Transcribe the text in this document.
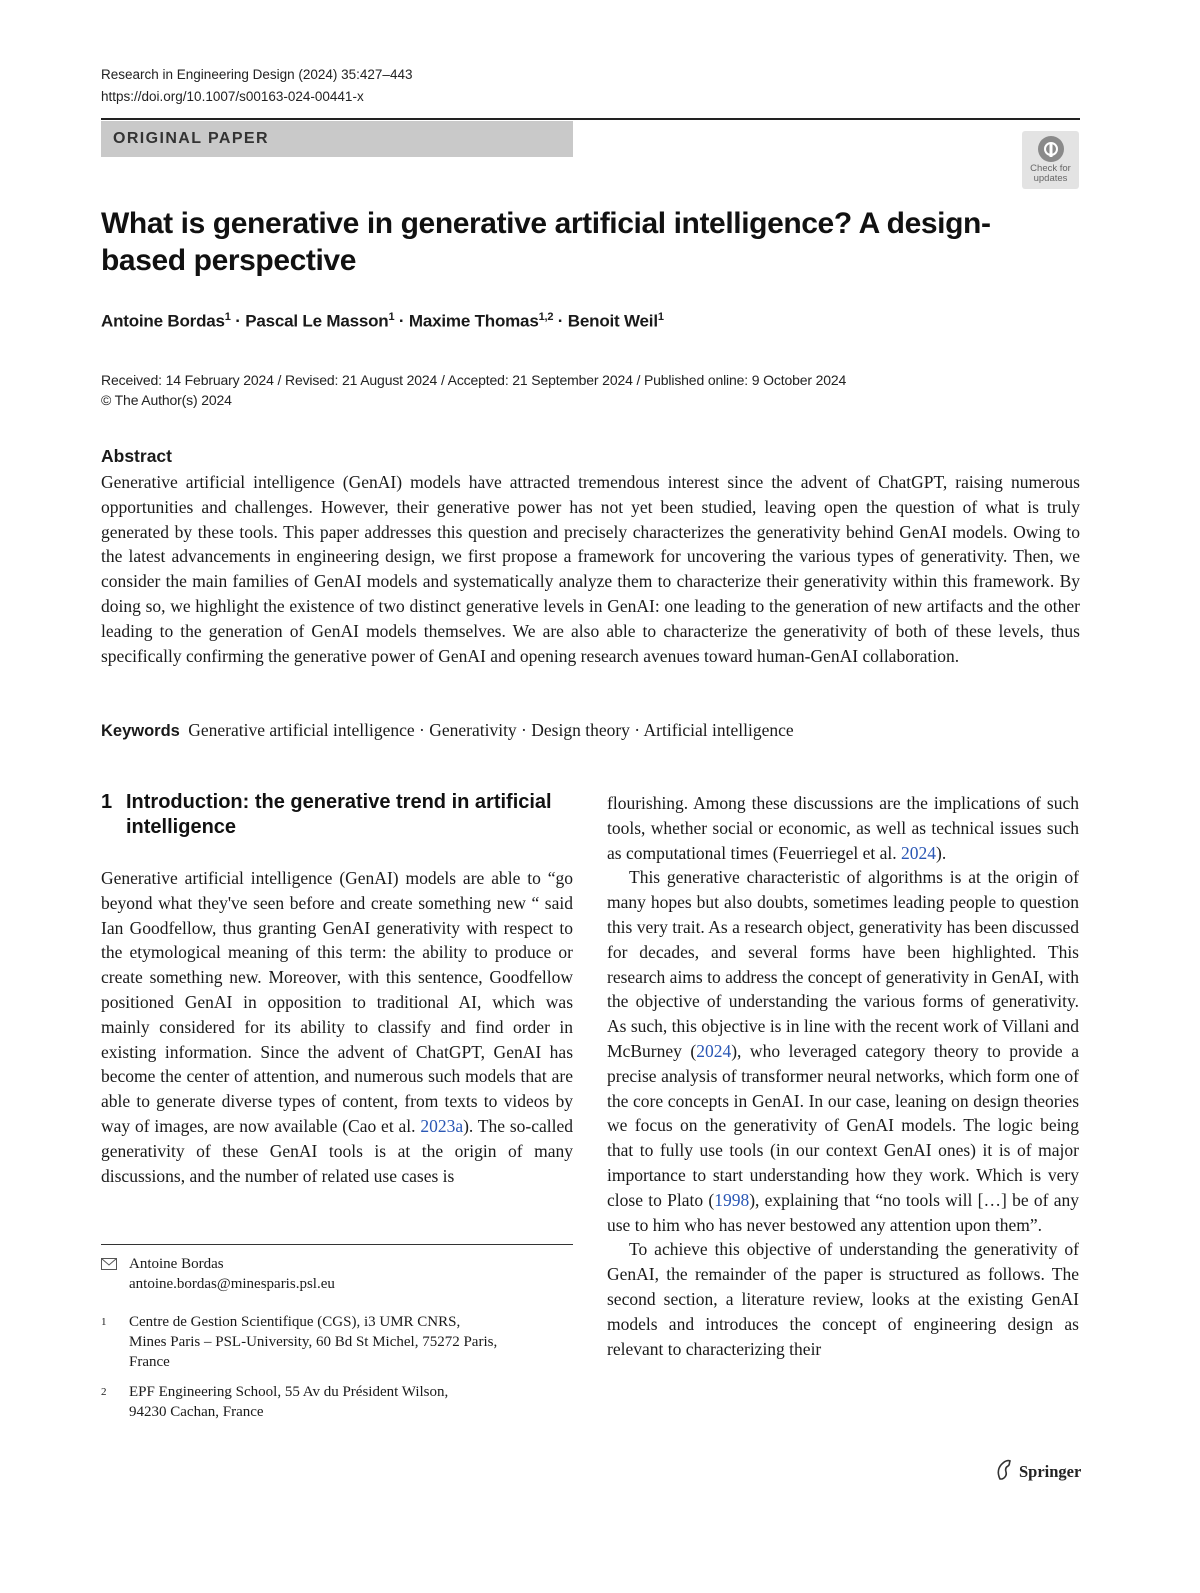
Research in Engineering Design (2024) 35:427–443
https://doi.org/10.1007/s00163-024-00441-x
ORIGINAL PAPER
Check for
updates
What is generative in generative artificial intelligence? A design-based perspective
Antoine Bordas$^1$ · Pascal Le Masson$^1$ · Maxime Thomas$^{1,2}$ · Benoit Weil$^1$
Received: 14 February 2024 / Revised: 21 August 2024 / Accepted: 21 September 2024 / Published online: 9 October 2024
© The Author(s) 2024
Abstract
Generative artificial intelligence (GenAI) models have attracted tremendous interest since the advent of ChatGPT, raising numerous opportunities and challenges. However, their generative power has not yet been studied, leaving open the question of what is truly generated by these tools. This paper addresses this question and precisely characterizes the generativity behind GenAI models. Owing to the latest advancements in engineering design, we first propose a framework for uncovering the various types of generativity. Then, we consider the main families of GenAI models and systematically analyze them to characterize their generativity within this framework. By doing so, we highlight the existence of two distinct generative levels in GenAI: one leading to the generation of new artifacts and the other leading to the generation of GenAI models themselves. We are also able to characterize the generativity of both of these levels, thus specifically confirming the generative power of GenAI and opening research avenues toward human-GenAI collaboration.
Keywords Generative artificial intelligence · Generativity · Design theory · Artificial intelligence
1 Introduction: the generative trend in artificial intelligence

Generative artificial intelligence (GenAI) models are able to “go beyond what they've seen before and create something new “ said Ian Goodfellow, thus granting GenAI generativity with respect to the etymological meaning of this term: the ability to produce or create something new. Moreover, with this sentence, Goodfellow positioned GenAI in opposition to traditional AI, which was mainly considered for its ability to classify and find order in existing information. Since the advent of ChatGPT, GenAI has become the center of attention, and numerous such models that are able to generate diverse types of content, from texts to videos by way of images, are now available (Cao et al. 2023a). The so-called generativity of these GenAI tools is at the origin of many discussions, and the number of related use cases is

flourishing. Among these discussions are the implications of such tools, whether social or economic, as well as technical issues such as computational times (Feuerriegel et al. 2024).

This generative characteristic of algorithms is at the origin of many hopes but also doubts, sometimes leading people to question this very trait. As a research object, generativity has been discussed for decades, and several forms have been highlighted. This research aims to address the concept of generativity in GenAI, with the objective of understanding the various forms of generativity. As such, this objective is in line with the recent work of Villani and McBurney (2024), who leveraged category theory to provide a precise analysis of transformer neural networks, which form one of the core concepts in GenAI. In our case, leaning on design theories we focus on the generativity of GenAI models. The logic being that to fully use tools (in our context GenAI ones) it is of major importance to start understanding how they work. Which is very close to Plato (1998), explaining that “no tools will […] be of any use to him who has never bestowed any attention upon them”.

To achieve this objective of understanding the generativity of GenAI, the remainder of the paper is structured as follows. The second section, a literature review, looks at the existing GenAI models and introduces the concept of engineering design as relevant to characterizing their

Antoine Bordas
antoine.bordas@minesparis.psl.eu
1	Centre de Gestion Scientifique (CGS), i3 UMR CNRS,
Mines Paris – PSL-University, 60 Bd St Michel, 75272 Paris,
France
2	EPF Engineering School, 55 Av du Président Wilson,
94230 Cachan, France
Springer
